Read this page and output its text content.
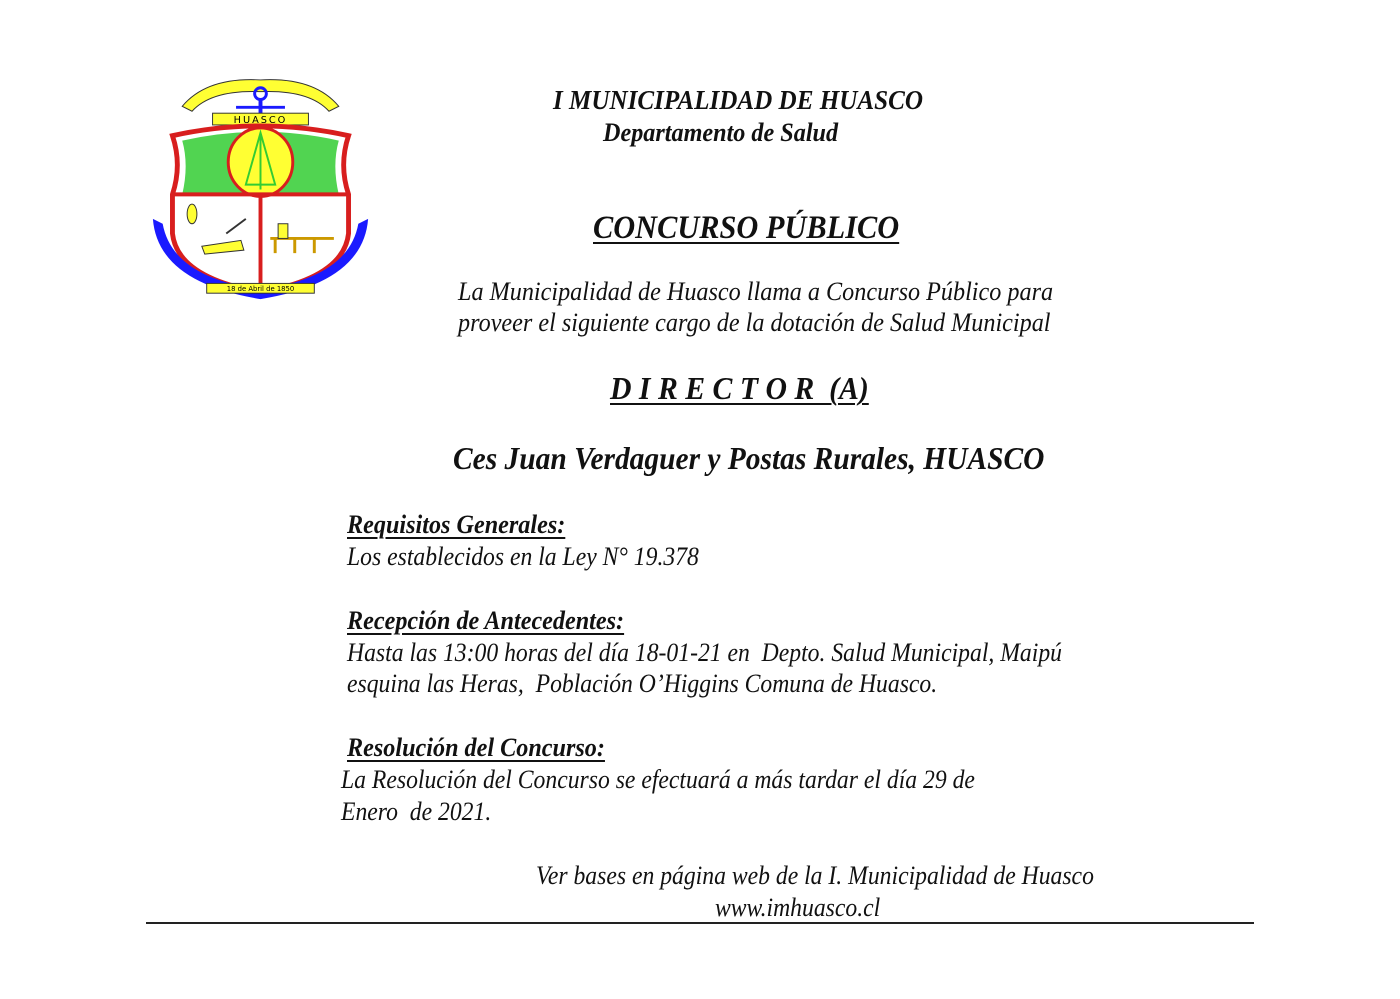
HUASCO
18 de Abril de 1850
I MUNICIPALIDAD DE HUASCO
Departamento de Salud
CONCURSO PÚBLICO
La Municipalidad de Huasco llama a Concurso Público para
proveer el siguiente cargo de la dotación de Salud Municipal
D I R E C T O R  (A)
Ces Juan Verdaguer y Postas Rurales, HUASCO
Requisitos Generales:
Los establecidos en la Ley N° 19.378
Recepción de Antecedentes:
Hasta las 13:00 horas del día 18-01-21 en  Depto. Salud Municipal, Maipú
esquina las Heras,  Población O’Higgins Comuna de Huasco.
Resolución del Concurso:
La Resolución del Concurso se efectuará a más tardar el día 29 de
Enero  de 2021.
Ver bases en página web de la I. Municipalidad de Huasco
www.imhuasco.cl
